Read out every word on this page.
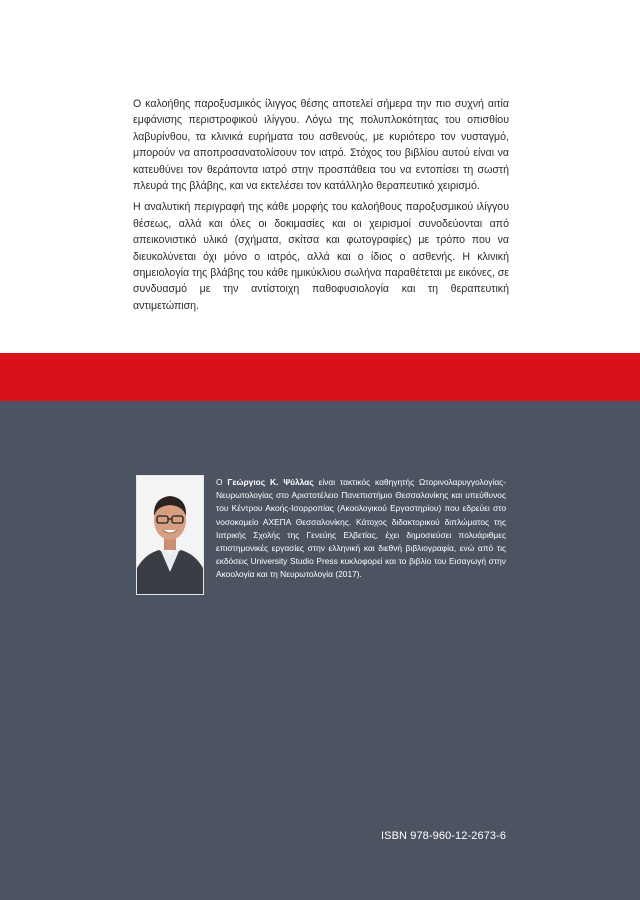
Ο καλοήθης παροξυσμικός ίλιγγος θέσης αποτελεί σήμερα την πιο συχνή αιτία εμφάνισης περιστροφικού ιλίγγου. Λόγω της πολυπλοκότητας του οπισθίου λαβυρίνθου, τα κλινικά ευρήματα του ασθενούς, με κυριότερο τον νυσταγμό, μπορούν να αποπροσανατολίσουν τον ιατρό. Στόχος του βιβλίου αυτού είναι να κατευθύνει τον θεράποντα ιατρό στην προσπάθεια του να εντοπίσει τη σωστή πλευρά της βλάβης, και να εκτελέσει τον κατάλληλο θεραπευτικό χειρισμό.

Η αναλυτική περιγραφή της κάθε μορφής του καλοήθους παροξυσμικού ιλίγγου θέσεως, αλλά και όλες οι δοκιμασίες και οι χειρισμοί συνοδεύονται από απεικονιστικό υλικό (σχήματα, σκίτσα και φωτογραφίες) με τρόπο που να διευκολύνεται όχι μόνο ο ιατρός, αλλά και ο ίδιος ο ασθενής. Η κλινική σημειολογία της βλάβης του κάθε ημικύκλιου σωλήνα παραθέτεται με εικόνες, σε συνδυασμό με την αντίστοιχη παθοφυσιολογία και τη θεραπευτική αντιμετώπιση.

Ο Γεώργιος Κ. Ψύλλας είναι τακτικός καθηγητής Ωτορινολαρυγγολογίας-Νευρωτολογίας στο Αριστοτέλειο Πανεπιστήμιο Θεσσαλονίκης και υπεύθυνος του Κέντρου Ακοής-Ισορροπίας (Ακοολογικού Εργαστηρίου) που εδρεύει στο νοσοκομείο ΑΧΕΠΑ Θεσσαλονίκης. Κάτοχος διδακτορικού διπλώματος της Ιατρικής Σχολής της Γενεύης Ελβετίας, έχει δημοσιεύσει πολυάριθμες επιστημονικές εργασίες στην ελληνική και διεθνή βιβλιογραφία, ενώ από τις εκδόσεις University Studio Press κυκλοφορεί και το βιβλίο του Εισαγωγή στην Ακοολογία και τη Νευρωτολογία (2017).
ISBN 978-960-12-2673-6
